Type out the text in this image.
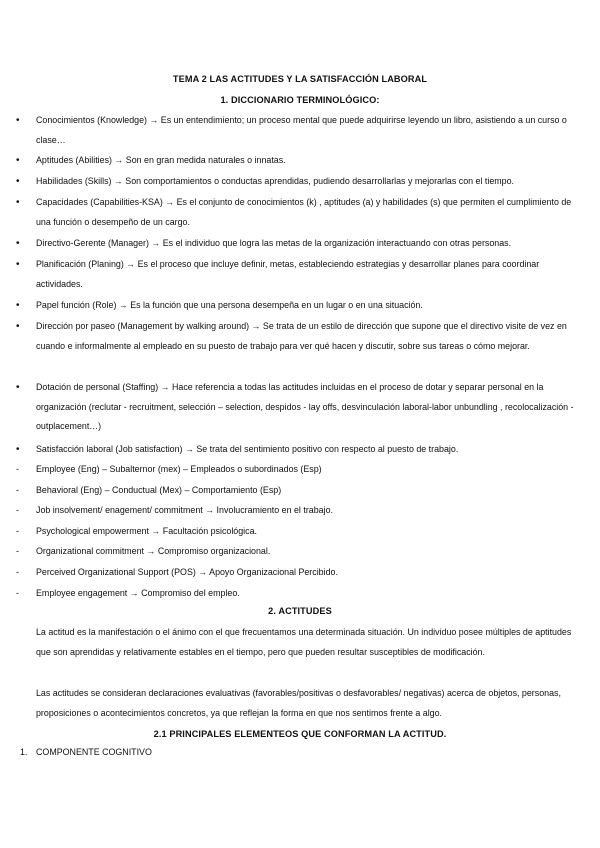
TEMA 2 LAS ACTITUDES Y LA SATISFACCIÓN LABORAL
1. DICCIONARIO TERMINOLÓGICO:
•	Conocimientos (Knowledge) → Es un entendimiento; un proceso mental que puede adquirirse leyendo un libro, asistiendo a un curso o clase…
•	Aptitudes (Abilities) → Son en gran medida naturales o innatas.
•	Habilidades (Skills) → Son comportamientos o conductas aprendidas, pudiendo desarrollarlas y mejorarlas con el tiempo.
•	Capacidades (Capabilities-KSA) → Es el conjunto de conocimientos (k) , aptitudes (a) y habilidades (s) que permiten el cumplimiento de una función o desempeño de un cargo.
•	Directivo-Gerente (Manager) → Es el individuo que logra las metas de la organización interactuando con otras personas.
•	Planificación (Planing) → Es el proceso que incluye definir, metas, estableciendo estrategias y desarrollar planes para coordinar actividades.
•	Papel función (Role) → Es la función que una persona desempeña en un lugar o en una situación.
•	Dirección por paseo (Management by walking around) → Se trata de un estilo de dirección que supone que el directivo visite de vez en cuando e informalmente al empleado en su puesto de trabajo para ver qué hacen y discutir, sobre sus tareas o cómo mejorar.
•	Dotación de personal (Staffing) → Hace referencia a todas las actitudes incluidas en el proceso de dotar y separar personal en la organización (reclutar - recruitment, selección – selection, despidos - lay offs, desvinculación laboral-labor unbundling , recolocalización - outplacement…)
•	Satisfacción laboral (Job satisfaction) → Se trata del sentimiento positivo con respecto al puesto de trabajo.
-	Employee (Eng) – Subalternor (mex) – Empleados o subordinados (Esp)
-	Behavioral (Eng) – Conductual (Mex) – Comportamiento (Esp)
-	Job insolvement/ enagement/ commitment → Involucramiento en el trabajo.
-	Psychological empowerment → Facultación psicológica.
-	Organizational commitment → Compromiso organizacional.
-	Perceived Organizational Support (POS) → Apoyo Organizacional Percibido.
-	Employee engagement → Compromiso del empleo.
2. ACTITUDES
La actitud es la manifestación o el ánimo con el que frecuentamos una determinada situación. Un individuo posee múltiples de aptitudes que son aprendidas y relativamente estables en el tiempo, pero que pueden resultar susceptibles de modificación.
Las actitudes se consideran declaraciones evaluativas (favorables/positivas o desfavorables/ negativas) acerca de objetos, personas, proposiciones o acontecimientos concretos, ya que reflejan la forma en que nos sentimos frente a algo.
2.1 PRINCIPALES ELEMENTEOS QUE CONFORMAN LA ACTITUD.
1. COMPONENTE COGNITIVO
